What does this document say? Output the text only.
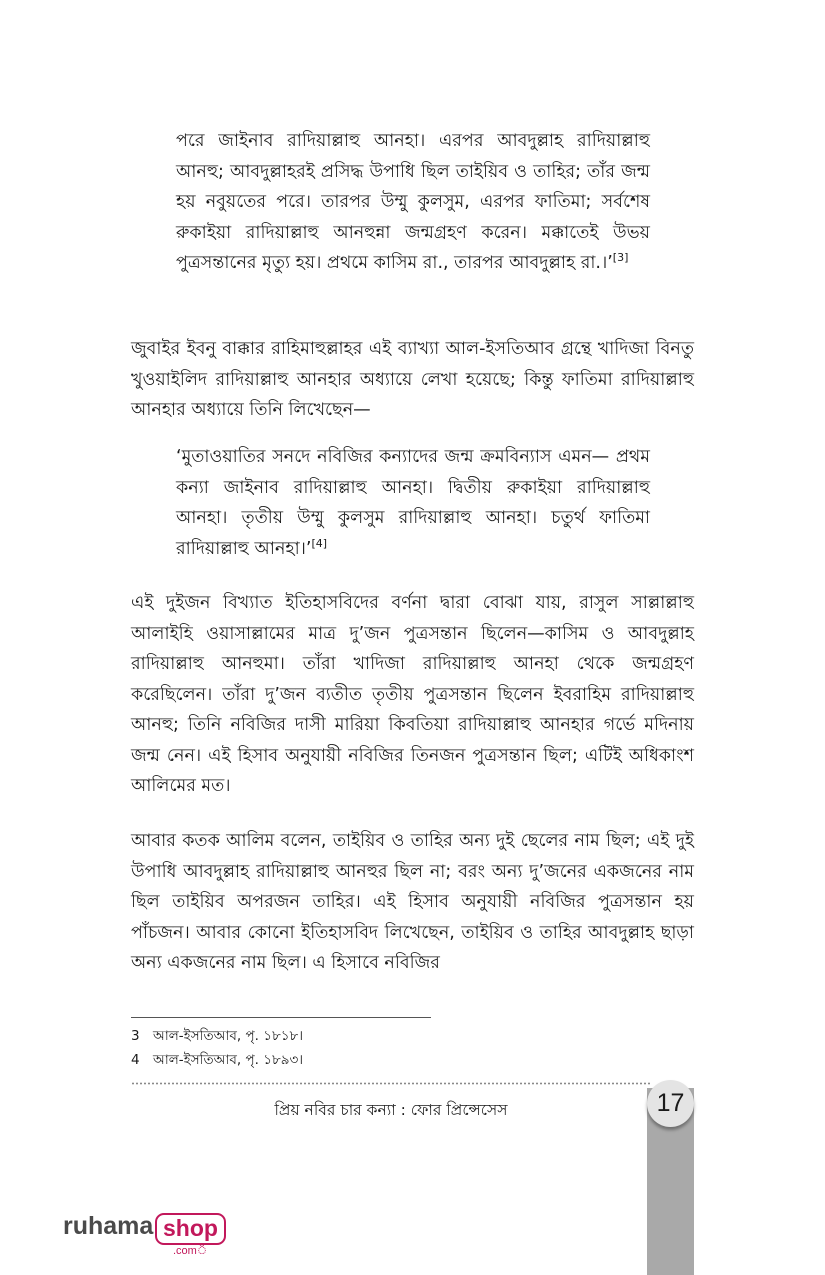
পরে জাইনাব রাদিয়াল্লাহু আনহা। এরপর আবদুল্লাহ রাদিয়াল্লাহু আনহু; আবদুল্লাহরই প্রসিদ্ধ উপাধি ছিল তাইয়িব ও তাহির; তাঁর জন্ম হয় নবুয়তের পরে। তারপর উম্মু কুলসুম, এরপর ফাতিমা; সর্বশেষ রুকাইয়া রাদিয়াল্লাহু আনহুন্না জন্মগ্রহণ করেন। মক্কাতেই উভয় পুত্রসন্তানের মৃত্যু হয়। প্রথমে কাসিম রা., তারপর আবদুল্লাহ রা.।’[3]

জুবাইর ইবনু বাক্কার রাহিমাহুল্লাহর এই ব্যাখ্যা আল-ইসতিআব গ্রন্থে খাদিজা বিনতু খুওয়াইলিদ রাদিয়াল্লাহু আনহার অধ্যায়ে লেখা হয়েছে; কিন্তু ফাতিমা রাদিয়াল্লাহু আনহার অধ্যায়ে তিনি লিখেছেন—

‘মুতাওয়াতির সনদে নবিজির কন্যাদের জন্ম ক্রমবিন্যাস এমন— প্রথম কন্যা জাইনাব রাদিয়াল্লাহু আনহা। দ্বিতীয় রুকাইয়া রাদিয়াল্লাহু আনহা। তৃতীয় উম্মু কুলসুম রাদিয়াল্লাহু আনহা। চতুর্থ ফাতিমা রাদিয়াল্লাহু আনহা।’[4]

এই দুইজন বিখ্যাত ইতিহাসবিদের বর্ণনা দ্বারা বোঝা যায়, রাসুল সাল্লাল্লাহু আলাইহি ওয়াসাল্লামের মাত্র দু’জন পুত্রসন্তান ছিলেন—কাসিম ও আবদুল্লাহ রাদিয়াল্লাহু আনহুমা। তাঁরা খাদিজা রাদিয়াল্লাহু আনহা থেকে জন্মগ্রহণ করেছিলেন। তাঁরা দু’জন ব্যতীত তৃতীয় পুত্রসন্তান ছিলেন ইবরাহিম রাদিয়াল্লাহু আনহু; তিনি নবিজির দাসী মারিয়া কিবতিয়া রাদিয়াল্লাহু আনহার গর্ভে মদিনায় জন্ম নেন। এই হিসাব অনুযায়ী নবিজির তিনজন পুত্রসন্তান ছিল; এটিই অধিকাংশ আলিমের মত।

আবার কতক আলিম বলেন, তাইয়িব ও তাহির অন্য দুই ছেলের নাম ছিল; এই দুই উপাধি আবদুল্লাহ রাদিয়াল্লাহু আনহুর ছিল না; বরং অন্য দু’জনের একজনের নাম ছিল তাইয়িব অপরজন তাহির। এই হিসাব অনুযায়ী নবিজির পুত্রসন্তান হয় পাঁচজন। আবার কোনো ইতিহাসবিদ লিখেছেন, তাইয়িব ও তাহির আবদুল্লাহ ছাড়া অন্য একজনের নাম ছিল। এ হিসাবে নবিজির

3 আল-ইসতিআব, পৃ. ১৮১৮।
4 আল-ইসতিআব, পৃ. ১৮৯৩।
প্রিয় নবির চার কন্যা : ফোর প্রিন্সেসেস	17
ruhama shop
.comঁ
